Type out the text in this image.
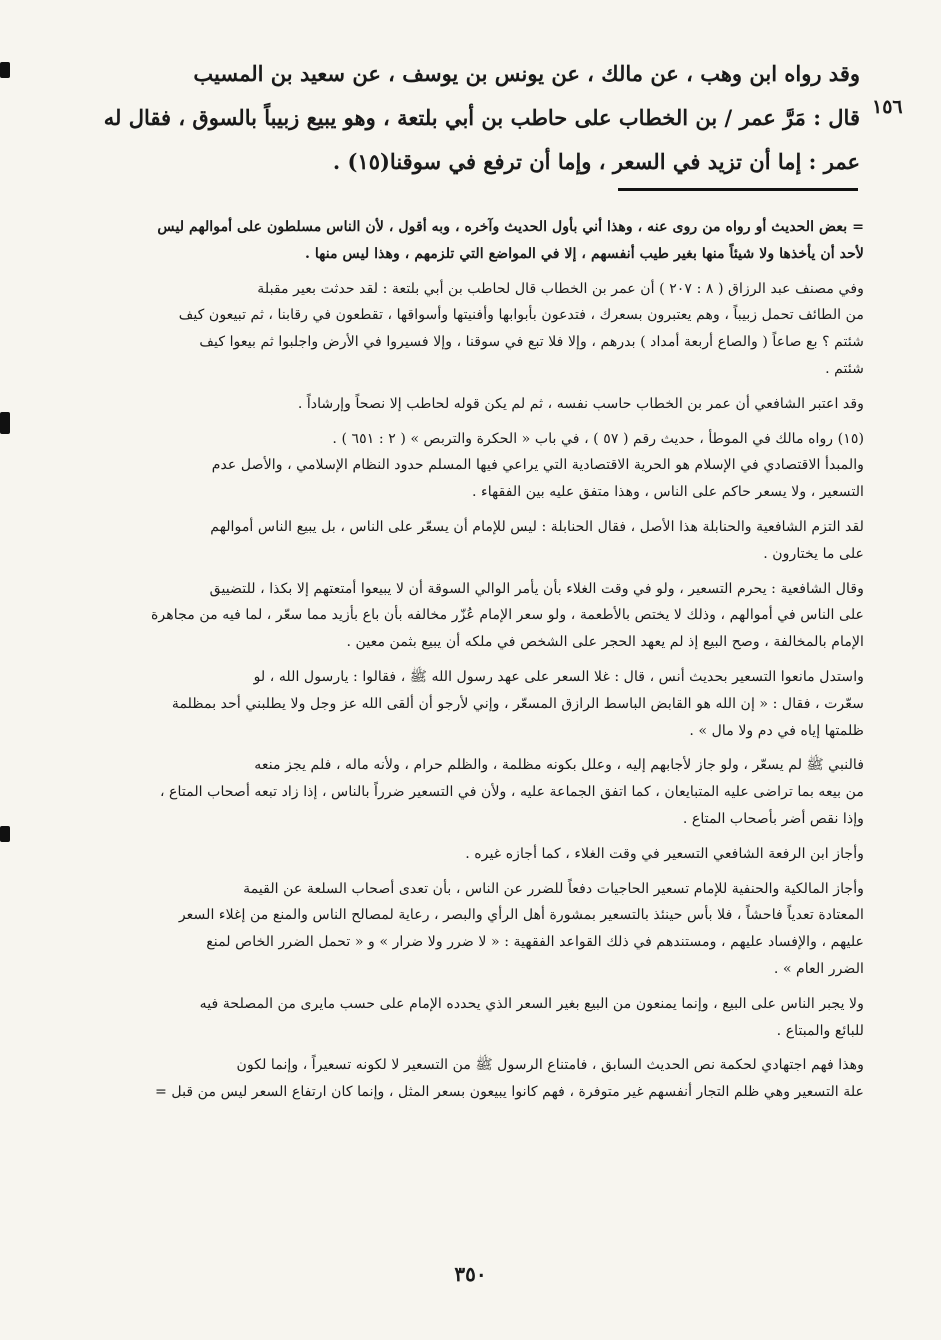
١٥٦
وقد رواه ابن وهب ، عن مالك ، عن يونس بن يوسف ، عن سعيد بن المسيب
قال : مَرَّ عمر / بن الخطاب على حاطب بن أبي بلتعة ، وهو يبيع زبيباً بالسوق ، فقال له
عمر : إما أن تزيد في السعر ، وإما أن ترفع في سوقنا(١٥) .
= بعض الحديث أو رواه من روى عنه ، وهذا أني بأول الحديث وآخره ، وبه أقول ، لأن الناس مسلطون على أموالهم ليس
لأحد أن يأخذها ولا شيئاً منها بغير طيب أنفسهم ، إلا في المواضع التي تلزمهم ، وهذا ليس منها .
وفي مصنف عبد الرزاق ( ٨ : ٢٠٧ ) أن عمر بن الخطاب قال لحاطب بن أبي بلتعة : لقد حدثت بعير مقبلة
من الطائف تحمل زبيباً ، وهم يعتبرون بسعرك ، فتدعون بأبوابها وأفنيتها وأسواقها ، تقطعون في رقابنا ، ثم تبيعون كيف
شئتم ؟ بع صاعاً ( والصاع أربعة أمداد ) بدرهم ، وإلا فلا تبع في سوقنا ، وإلا فسيروا في الأرض واجلبوا ثم بيعوا كيف
شئتم .
وقد اعتبر الشافعي أن عمر بن الخطاب حاسب نفسه ، ثم لم يكن قوله لحاطب إلا نصحاً وإرشاداً .
(١٥) رواه مالك في الموطأ ، حديث رقم ( ٥٧ ) ، في باب « الحكرة والتربص » ( ٢ : ٦٥١ ) .
والمبدأ الاقتصادي في الإسلام هو الحرية الاقتصادية التي يراعي فيها المسلم حدود النظام الإسلامي ، والأصل عدم
التسعير ، ولا يسعر حاكم على الناس ، وهذا متفق عليه بين الفقهاء .
لقد التزم الشافعية والحنابلة هذا الأصل ، فقال الحنابلة : ليس للإمام أن يسعّر على الناس ، بل يبيع الناس أموالهم
على ما يختارون .
وقال الشافعية : يحرم التسعير ، ولو في وقت الغلاء بأن يأمر الوالي السوقة أن لا يبيعوا أمتعتهم إلا بكذا ، للتضييق
على الناس في أموالهم ، وذلك لا يختص بالأطعمة ، ولو سعر الإمام عُزّر مخالفه بأن باع بأزيد مما سعّر ، لما فيه من مجاهرة
الإمام بالمخالفة ، وصح البيع إذ لم يعهد الحجر على الشخص في ملكه أن يبيع بثمن معين .
واستدل مانعوا التسعير بحديث أنس ، قال : غلا السعر على عهد رسول الله ﷺ ، فقالوا : يارسول الله ، لو
سعّرت ، فقال : « إن الله هو القابض الباسط الرازق المسعّر ، وإني لأرجو أن ألقى الله عز وجل ولا يطلبني أحد بمظلمة
ظلمتها إياه في دم ولا مال » .
فالنبي ﷺ لم يسعّر ، ولو جاز لأجابهم إليه ، وعلل بكونه مظلمة ، والظلم حرام ، ولأنه ماله ، فلم يجز منعه
من بيعه بما تراضى عليه المتبايعان ، كما اتفق الجماعة عليه ، ولأن في التسعير ضرراً بالناس ، إذا زاد تبعه أصحاب المتاع ،
وإذا نقص أضر بأصحاب المتاع .
وأجاز ابن الرفعة الشافعي التسعير في وقت الغلاء ، كما أجازه غيره .
وأجاز المالكية والحنفية للإمام تسعير الحاجيات دفعاً للضرر عن الناس ، بأن تعدى أصحاب السلعة عن القيمة
المعتادة تعدياً فاحشاً ، فلا بأس حينئذ بالتسعير بمشورة أهل الرأي والبصر ، رعاية لمصالح الناس والمنع من إغلاء السعر
عليهم ، والإفساد عليهم ، ومستندهم في ذلك القواعد الفقهية : « لا ضرر ولا ضرار » و « تحمل الضرر الخاص لمنع
الضرر العام » .
ولا يجبر الناس على البيع ، وإنما يمنعون من البيع بغير السعر الذي يحدده الإمام على حسب مايرى من المصلحة فيه
للبائع والمبتاع .
وهذا فهم اجتهادي لحكمة نص الحديث السابق ، فامتناع الرسول ﷺ من التسعير لا لكونه تسعيراً ، وإنما لكون
علة التسعير وهي ظلم التجار أنفسهم غير متوفرة ، فهم كانوا يبيعون بسعر المثل ، وإنما كان ارتفاع السعر ليس من قبل =
٣٥٠
